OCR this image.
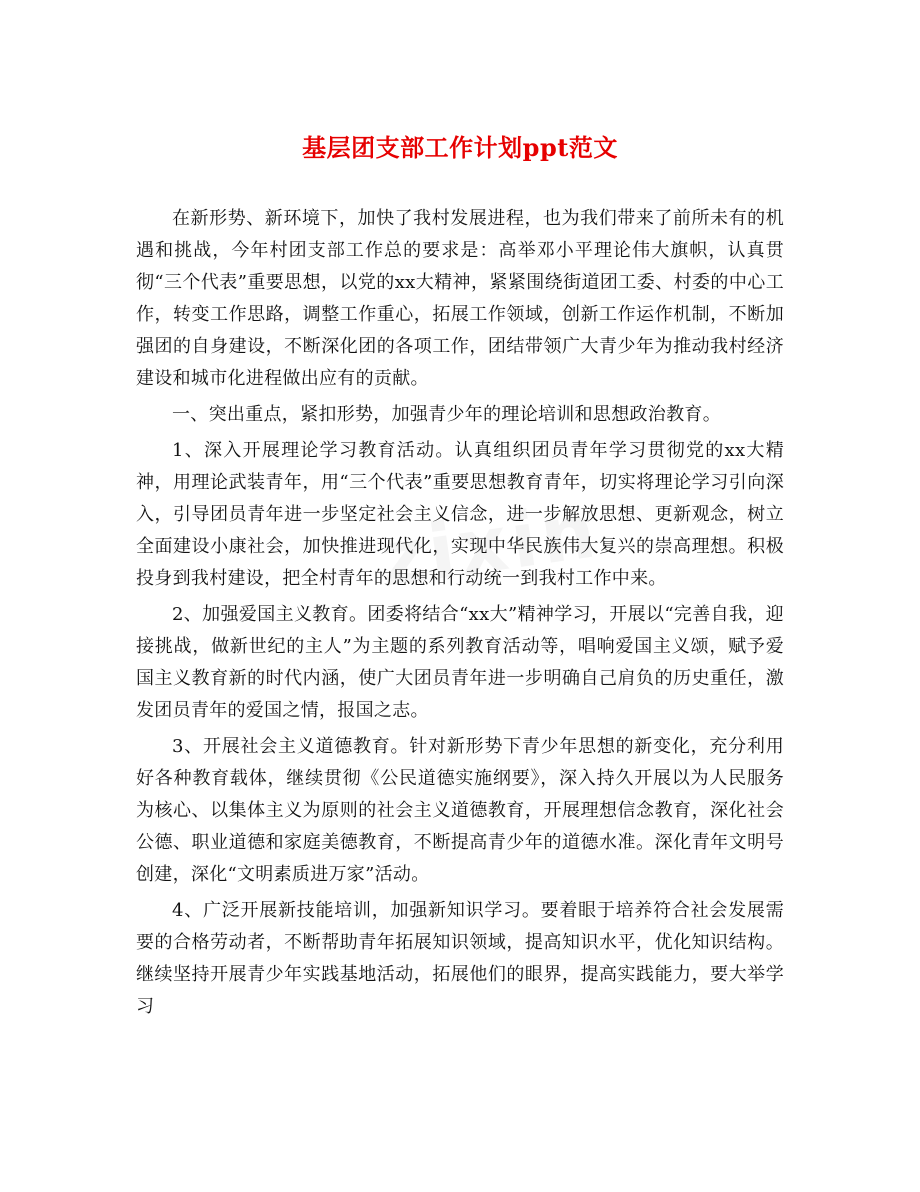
基层团支部工作计划ppt范文

在新形势、新环境下，加快了我村发展进程，也为我们带来了前所未有的机遇和挑战，今年村团支部工作总的要求是：高举邓小平理论伟大旗帜，认真贯彻“三个代表”重要思想，以党的xx大精神，紧紧围绕街道团工委、村委的中心工作，转变工作思路，调整工作重心，拓展工作领域，创新工作运作机制，不断加强团的自身建设，不断深化团的各项工作，团结带领广大青少年为推动我村经济建设和城市化进程做出应有的贡献。

一、突出重点，紧扣形势，加强青少年的理论培训和思想政治教育。

1、深入开展理论学习教育活动。认真组织团员青年学习贯彻党的xx大精神，用理论武装青年，用“三个代表”重要思想教育青年，切实将理论学习引向深入，引导团员青年进一步坚定社会主义信念，进一步解放思想、更新观念，树立全面建设小康社会，加快推进现代化，实现中华民族伟大复兴的崇高理想。积极投身到我村建设，把全村青年的思想和行动统一到我村工作中来。

2、加强爱国主义教育。团委将结合“xx大”精神学习，开展以“完善自我，迎接挑战，做新世纪的主人”为主题的系列教育活动等，唱响爱国主义颂，赋予爱国主义教育新的时代内涵，使广大团员青年进一步明确自己肩负的历史重任，激发团员青年的爱国之情，报国之志。

3、开展社会主义道德教育。针对新形势下青少年思想的新变化，充分利用好各种教育载体，继续贯彻《公民道德实施纲要》，深入持久开展以为人民服务为核心、以集体主义为原则的社会主义道德教育，开展理想信念教育，深化社会公德、职业道德和家庭美德教育，不断提高青少年的道德水准。深化青年文明号创建，深化“文明素质进万家”活动。

4、广泛开展新技能培训，加强新知识学习。要着眼于培养符合社会发展需要的合格劳动者，不断帮助青年拓展知识领域，提高知识水平，优化知识结构。继续坚持开展青少年实践基地活动，拓展他们的眼界，提高实践能力，要大举学习
